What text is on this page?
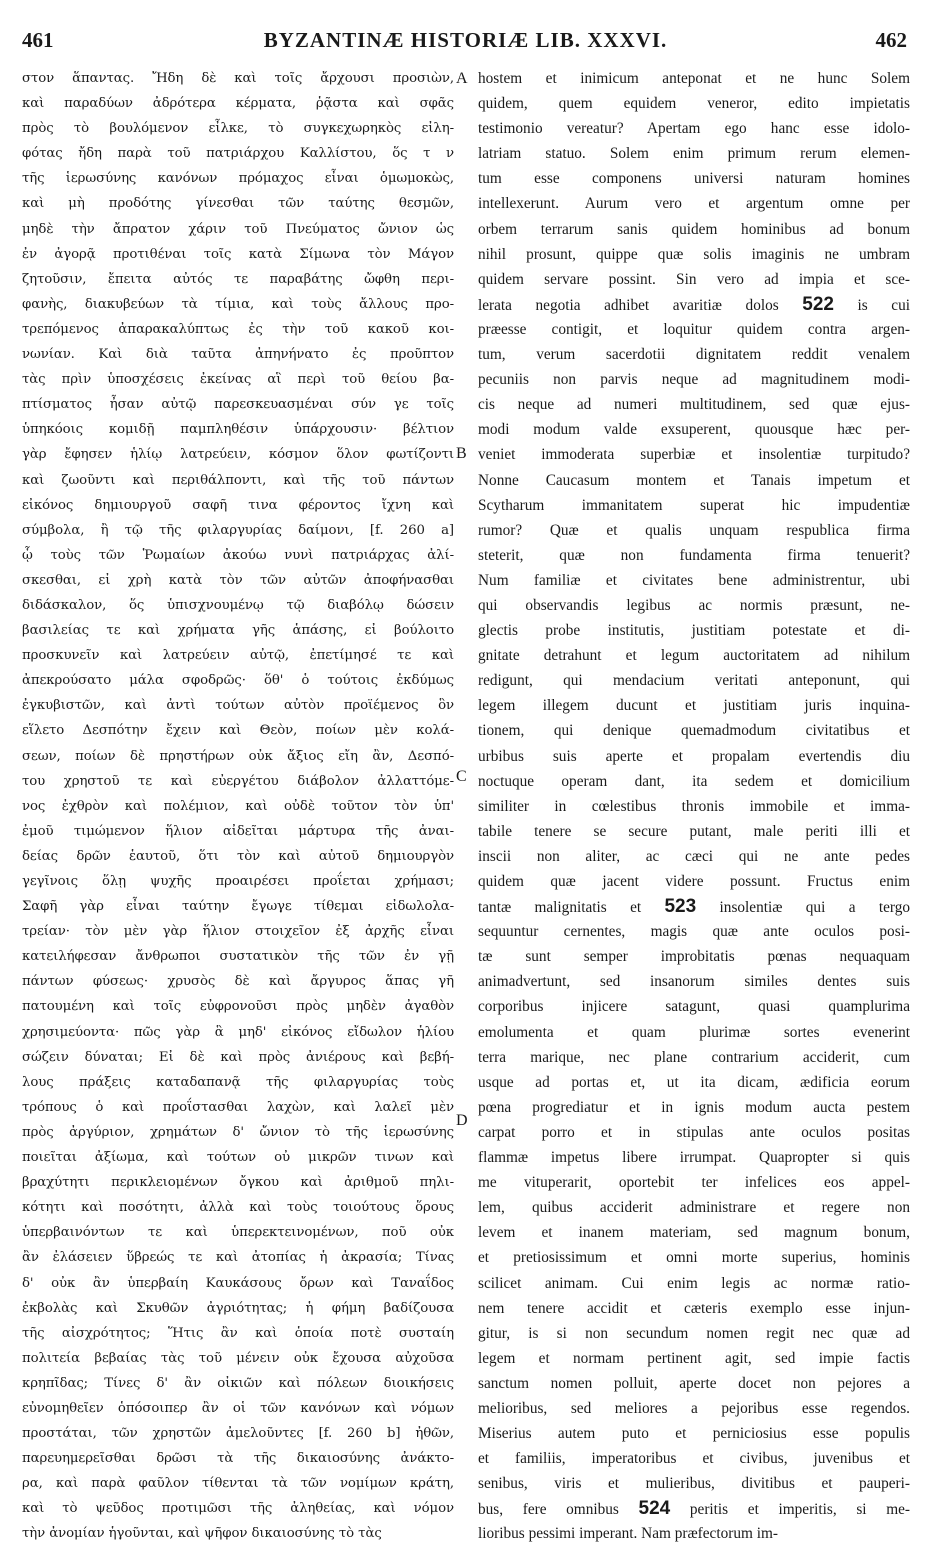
461	BYZANTINÆ HISTORIÆ LIB. XXXVI.	462
στον ἅπαντας. Ἤδη δὲ καὶ τοῖς ἄρχουσι προσιὼν,
καὶ παραδύων ἀδρότερα κέρματα, ῥᾷστα καὶ σφᾶς
πρὸς τὸ βουλόμενον εἶλκε, τὸ συγκεχωρηκὸς εἰλη-
φότας ἤδη παρὰ τοῦ πατριάρχου Καλλίστου, ὅς τ ν
τῆς ἱερωσύνης κανόνων πρόμαχος εἶναι ὁμωμοκὼς,
καὶ μὴ προδότης γίνεσθαι τῶν ταύτης θεσμῶν,
μηδὲ τὴν ἄπρατον χάριν τοῦ Πνεύματος ὤνιον ὡς
ἐν ἀγορᾷ προτιθέναι τοῖς κατὰ Σίμωνα τὸν Μάγον
ζητοῦσιν, ἔπειτα αὐτός τε παραβάτης ὤφθη περι-
φανὴς, διακυβεύων τὰ τίμια, καὶ τοὺς ἄλλους προ-
τρεπόμενος ἀπαρακαλύπτως ἐς τὴν τοῦ κακοῦ κοι-
νωνίαν. Καὶ διὰ ταῦτα ἀπηνήνατο ἐς προῦπτον
τὰς πρὶν ὑποσχέσεις ἐκείνας αἳ περὶ τοῦ θείου βα-
πτίσματος ἦσαν αὐτῷ παρεσκευασμέναι σύν γε τοῖς
ὑπηκόοις κομιδῇ παμπληθέσιν ὑπάρχουσιν· βέλτιον
γὰρ ἔφησεν ἡλίῳ λατρεύειν, κόσμον ὅλον φωτίζοντι
καὶ ζωοῦντι καὶ περιθάλποντι, καὶ τῆς τοῦ πάντων
εἰκόνος δημιουργοῦ σαφῆ τινα φέροντος ἴχνη καὶ
σύμβολα, ἢ τῷ τῆς φιλαργυρίας δαίμονι, [f. 260 a]
ᾧ τοὺς τῶν Ῥωμαίων ἀκούω νυνὶ πατριάρχας ἀλί-
σκεσθαι, εἰ χρὴ κατὰ τὸν τῶν αὐτῶν ἀποφήνασθαι
διδάσκαλον, ὅς ὑπισχνουμένῳ τῷ διαβόλῳ δώσειν
βασιλείας τε καὶ χρήματα γῆς ἁπάσης, εἰ βούλοιτο
προσκυνεῖν καὶ λατρεύειν αὐτῷ, ἐπετίμησέ τε καὶ
ἀπεκρούσατο μάλα σφοδρῶς· ὅθ' ὁ τούτοις ἐκδύμως
ἐγκυβιστῶν, καὶ ἀντὶ τούτων αὐτὸν προϊέμενος ὃν
εἵλετο Δεσπότην ἔχειν καὶ Θεὸν, ποίων μὲν κολά-
σεων, ποίων δὲ πρηστήρων οὐκ ἄξιος εἴη ἂν, Δεσπό-
του χρηστοῦ τε καὶ εὐεργέτου διάβολον ἀλλαττόμε-
νος ἐχθρὸν καὶ πολέμιον, καὶ οὐδὲ τοῦτον τὸν ὑπ'
ἐμοῦ τιμώμενον ἥλιον αἰδεῖται μάρτυρα τῆς ἀναι-
δείας δρῶν ἑαυτοῦ, ὅτι τὸν καὶ αὐτοῦ δημιουργὸν
γεγῖνοις ὅλῃ ψυχῆς προαιρέσει προΐεται χρήμασι;
Σαφῆ γὰρ εἶναι ταύτην ἔγωγε τίθεμαι εἰδωλολα-
τρείαν· τὸν μὲν γὰρ ἥλιον στοιχεῖον ἐξ ἀρχῆς εἶναι
κατειλήφεσαν ἄνθρωποι συστατικὸν τῆς τῶν ἐν γῇ
πάντων φύσεως· χρυσὸς δὲ καὶ ἄργυρος ἅπας γῆ
πατουμένη καὶ τοῖς εὐφρονοῦσι πρὸς μηδὲν ἀγαθὸν
χρησιμεύοντα· πῶς γὰρ ἃ μηδ' εἰκόνος εἴδωλον ἡλίου
σώζειν δύναται; Εἰ δὲ καὶ πρὸς ἀνιέρους καὶ βεβή-
λους πράξεις καταδαπανᾷ τῆς φιλαργυρίας τοὺς
τρόπους ὁ καὶ προΐστασθαι λαχὼν, καὶ λαλεῖ μὲν
πρὸς ἀργύριον, χρημάτων δ' ὤνιον τὸ τῆς ἱερωσύνης
ποιεῖται ἀξίωμα, καὶ τούτων οὐ μικρῶν τινων καὶ
βραχύτητι περικλειομένων ὄγκου καὶ ἀριθμοῦ πηλι-
κότητι καὶ ποσότητι, ἀλλὰ καὶ τοὺς τοιούτους ὅρους
ὑπερβαινόντων τε καὶ ὑπερεκτεινομένων, ποῦ οὐκ
ἂν ἐλάσειεν ὕβρεώς τε καὶ ἀτοπίας ἡ ἀκρασία; Τίνας
δ' οὐκ ἂν ὑπερβαίη Καυκάσους ὄρων καὶ Ταναΐδος
ἐκβολὰς καὶ Σκυθῶν ἀγριότητας; ἡ φήμη βαδίζουσα
τῆς αἰσχρότητος; Ἥτις ἂν καὶ ὁποία ποτὲ συσταίη
πολιτεία βεβαίας τὰς τοῦ μένειν οὐκ ἔχουσα αὐχοῦσα
κρηπῖδας; Τίνες δ' ἂν οἰκιῶν καὶ πόλεων διοικήσεις
εὐνομηθεῖεν ὁπόσοιπερ ἂν οἱ τῶν κανόνων καὶ νόμων
προστάται, τῶν χρηστῶν ἀμελοῦντες [f. 260 b] ἠθῶν,
παρευημερεῖσθαι δρῶσι τὰ τῆς δικαιοσύνης ἀνάκτο-
ρα, καὶ παρὰ φαῦλον τίθενται τὰ τῶν νομίμων κράτη,
καὶ τὸ ψεῦδος προτιμῶσι τῆς ἀληθείας, καὶ νόμον
τὴν ἀνομίαν ἡγοῦνται, καὶ ψῆφον δικαιοσύνης τὸ τὰς
hostem et inimicum anteponat et ne hunc Solem
quidem, quem equidem veneror, edito impietatis
testimonio vereatur? Apertam ego hanc esse idolo-
latriam statuo. Solem enim primum rerum elemen-
tum esse componens universi naturam homines
intellexerunt. Aurum vero et argentum omne per
orbem terrarum sanis quidem hominibus ad bonum
nihil prosunt, quippe quæ solis imaginis ne umbram
quidem servare possint. Sin vero ad impia et sce-
lerata negotia adhibet avaritiæ dolos 522 is cui
præesse contigit, et loquitur quidem contra argen-
tum, verum sacerdotii dignitatem reddit venalem
pecuniis non parvis neque ad magnitudinem modi-
cis neque ad numeri multitudinem, sed quæ ejus-
modi modum valde exsuperent, quousque hæc per-
veniet immoderata superbiæ et insolentiæ turpitudo?
Nonne Caucasum montem et Tanais impetum et
Scytharum immanitatem superat hic impudentiæ
rumor? Quæ et qualis unquam respublica firma
steterit, quæ non fundamenta firma tenuerit?
Num familiæ et civitates bene administrentur, ubi
qui observandis legibus ac normis præsunt, ne-
glectis probe institutis, justitiam potestate et di-
gnitate detrahunt et legum auctoritatem ad nihilum
redigunt, qui mendacium veritati anteponunt, qui
legem illegem ducunt et justitiam juris inquina-
tionem, qui denique quemadmodum civitatibus et
urbibus suis aperte et propalam evertendis diu
noctuque operam dant, ita sedem et domicilium
similiter in cœlestibus thronis immobile et imma-
tabile tenere se secure putant, male periti illi et
inscii non aliter, ac cæci qui ne ante pedes
quidem quæ jacent videre possunt. Fructus enim
tantæ malignitatis et 523 insolentiæ qui a tergo
sequuntur cernentes, magis quæ ante oculos posi-
tæ sunt semper improbitatis pœnas nequaquam
animadvertunt, sed insanorum similes dentes suis
corporibus injicere satagunt, quasi quamplurima
emolumenta et quam plurimæ sortes evenerint
terra marique, nec plane contrarium acciderit, cum
usque ad portas et, ut ita dicam, ædificia eorum
pœna progrediatur et in ignis modum aucta pestem
carpat porro et in stipulas ante oculos positas
flammæ impetus libere irrumpat. Quapropter si quis
me vituperarit, oportebit ter infelices eos appel-
lem, quibus acciderit administrare et regere non
levem et inanem materiam, sed magnum bonum,
et pretiosissimum et omni morte superius, hominis
scilicet animam. Cui enim legis ac normæ ratio-
nem tenere accidit et cæteris exemplo esse injun-
gitur, is si non secundum nomen regit nec quæ ad
legem et normam pertinent agit, sed impie factis
sanctum nomen polluit, aperte docet non pejores a
melioribus, sed meliores a pejoribus esse regendos.
Miserius autem puto et perniciosius esse populis
et familiis, imperatoribus et civibus, juvenibus et
senibus, viris et mulieribus, divitibus et pauperi-
bus, fere omnibus 524 peritis et imperitis, si me-
lioribus pessimi imperant. Nam præfectorum im-
A
B
C
D
